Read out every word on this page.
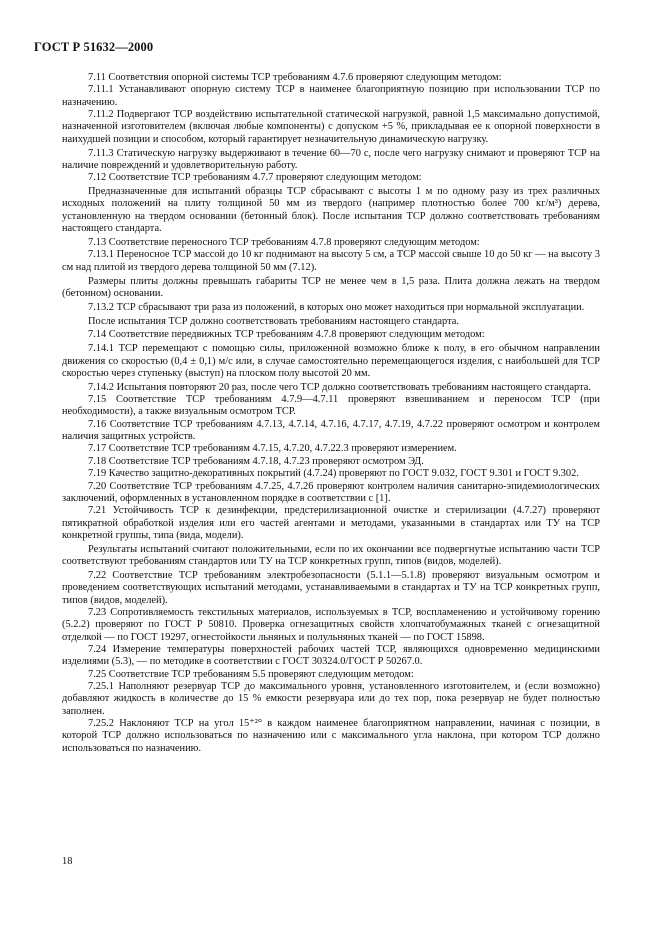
ГОСТ Р 51632—2000

7.11 Соответствия опорной системы ТСР требованиям 4.7.6 проверяют следующим методом:

7.11.1 Устанавливают опорную систему ТСР в наименее благоприятную позицию при использовании ТСР по назначению.

7.11.2 Подвергают ТСР воздействию испытательной статической нагрузкой, равной 1,5 максимально допустимой, назначенной изготовителем (включая любые компоненты) с допуском +5 %, прикладывая ее к опорной поверхности в наихудшей позиции и способом, который гарантирует незначительную динамическую нагрузку.

7.11.3 Статическую нагрузку выдерживают в течение 60—70 с, после чего нагрузку снимают и проверяют ТСР на наличие повреждений и удовлетворительную работу.

7.12 Соответствие ТСР требованиям 4.7.7 проверяют следующим методом:

Предназначенные для испытаний образцы ТСР сбрасывают с высоты 1 м по одному разу из трех различных исходных положений на плиту толщиной 50 мм из твердого (например плотностью более 700 кг/м³) дерева, установленную на твердом основании (бетонный блок). После испытания ТСР должно соответствовать требованиям настоящего стандарта.

7.13 Соответствие переносного ТСР требованиям 4.7.8 проверяют следующим методом:

7.13.1 Переносное ТСР массой до 10 кг поднимают на высоту 5 см, а ТСР массой свыше 10 до 50 кг — на высоту 3 см над плитой из твердого дерева толщиной 50 мм (7.12).

Размеры плиты должны превышать габариты ТСР не менее чем в 1,5 раза. Плита должна лежать на твердом (бетонном) основании.

7.13.2 ТСР сбрасывают три раза из положений, в которых оно может находиться при нормальной эксплуатации.

После испытания ТСР должно соответствовать требованиям настоящего стандарта.

7.14 Соответствие передвижных ТСР требованиям 4.7.8 проверяют следующим методом:

7.14.1 ТСР перемещают с помощью силы, приложенной возможно ближе к полу, в его обычном направлении движения со скоростью (0,4 ± 0,1) м/с или, в случае самостоятельно перемещающегося изделия, с наибольшей для ТСР скоростью через ступеньку (выступ) на плоском полу высотой 20 мм.

7.14.2 Испытания повторяют 20 раз, после чего ТСР должно соответствовать требованиям настоящего стандарта.

7.15 Соответствие ТСР требованиям 4.7.9—4.7.11 проверяют взвешиванием и переносом ТСР (при необходимости), а также визуальным осмотром ТСР.

7.16 Соответствие ТСР требованиям 4.7.13, 4.7.14, 4.7.16, 4.7.17, 4.7.19, 4.7.22 проверяют осмотром и контролем наличия защитных устройств.

7.17 Соответствие ТСР требованиям 4.7.15, 4.7.20, 4.7.22.3 проверяют измерением.

7.18 Соответствие ТСР требованиям 4.7.18, 4.7.23 проверяют осмотром ЭД.

7.19 Качество защитно-декоративных покрытий (4.7.24) проверяют по ГОСТ 9.032, ГОСТ 9.301 и ГОСТ 9.302.

7.20 Соответствие ТСР требованиям 4.7.25, 4.7.26 проверяют контролем наличия санитарно-эпидемиологических заключений, оформленных в установленном порядке в соответствии с [1].

7.21 Устойчивость ТСР к дезинфекции, предстерилизационной очистке и стерилизации (4.7.27) проверяют пятикратной обработкой изделия или его частей агентами и методами, указанными в стандартах или ТУ на ТСР конкретной группы, типа (вида, модели).

Результаты испытаний считают положительными, если по их окончании все подвергнутые испытанию части ТСР соответствуют требованиям стандартов или ТУ на ТСР конкретных групп, типов (видов, моделей).

7.22 Соответствие ТСР требованиям электробезопасности (5.1.1—5.1.8) проверяют визуальным осмотром и проведением соответствующих испытаний методами, устанавливаемыми в стандартах и ТУ на ТСР конкретных групп, типов (видов, моделей).

7.23 Сопротивляемость текстильных материалов, используемых в ТСР, воспламенению и устойчивому горению (5.2.2) проверяют по ГОСТ Р 50810. Проверка огнезащитных свойств хлопчатобумажных тканей с огнезащитной отделкой — по ГОСТ 19297, огнестойкости льняных и полульняных тканей — по ГОСТ 15898.

7.24 Измерение температуры поверхностей рабочих частей ТСР, являющихся одновременно медицинскими изделиями (5.3), — по методике в соответствии с ГОСТ 30324.0/ГОСТ Р 50267.0.

7.25 Соответствие ТСР требованиям 5.5 проверяют следующим методом:

7.25.1 Наполняют резервуар ТСР до максимального уровня, установленного изготовителем, и (если возможно) добавляют жидкость в количестве до 15 % емкости резервуара или до тех пор, пока резервуар не будет полностью заполнен.

7.25.2 Наклоняют ТСР на угол 15⁺²° в каждом наименее благоприятном направлении, начиная с позиции, в которой ТСР должно использоваться по назначению или с максимального угла наклона, при котором ТСР должно использоваться по назначению.

18
